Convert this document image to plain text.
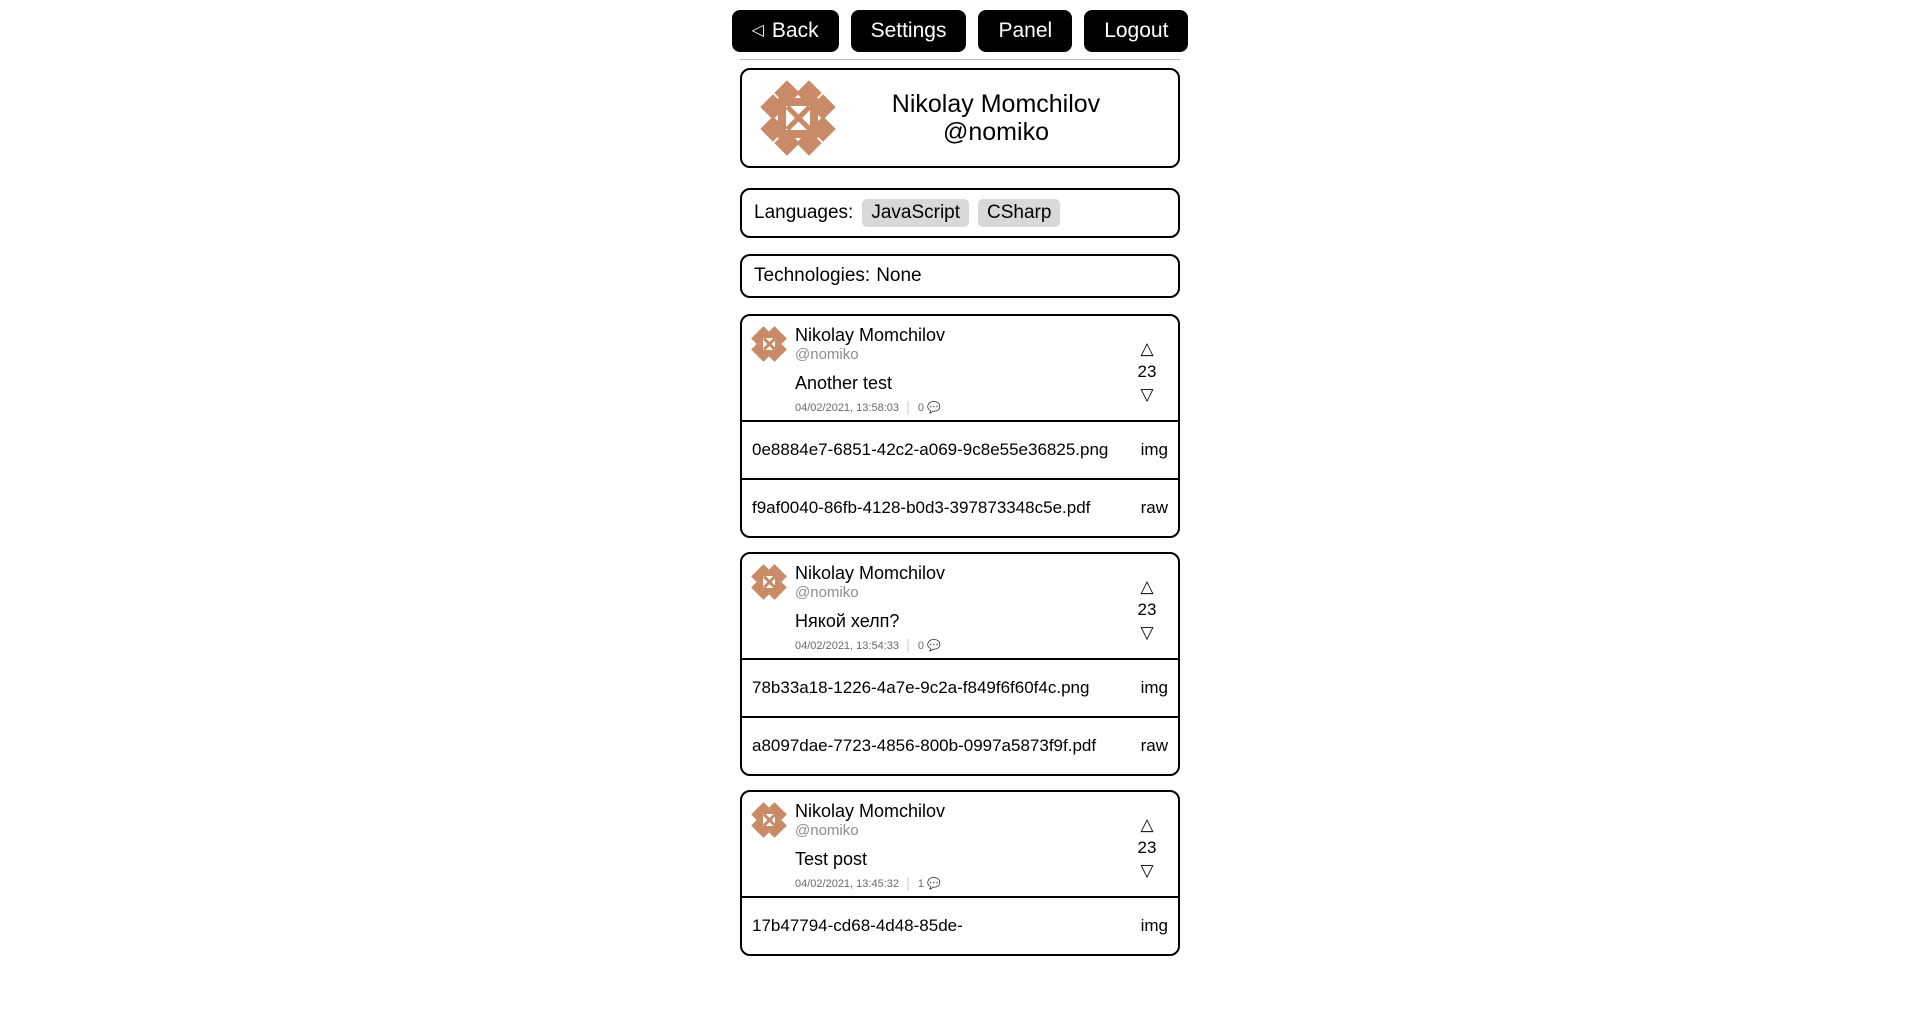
◁ Back Settings Panel Logout
Nikolay Momchilov
@nomiko
Languages: JavaScript	CSharp
Technologies: None
Nikolay Momchilov
@nomiko
Another test
04/02/2021, 13:58:03 │ 0 💬
△
23
▽
0e8884e7-6851-42c2-a069-9c8e55e36825.png	img
f9af0040-86fb-4128-b0d3-397873348c5e.pdf	raw
Nikolay Momchilov
@nomiko
Някой хелп?
04/02/2021, 13:54:33 │ 0 💬
△
23
▽
78b33a18-1226-4a7e-9c2a-f849f6f60f4c.png	img
a8097dae-7723-4856-800b-0997a5873f9f.pdf	raw
Nikolay Momchilov
@nomiko
Test post
04/02/2021, 13:45:32 │ 1 💬
△
23
▽
17b47794-cd68-4d48-85de-	img
